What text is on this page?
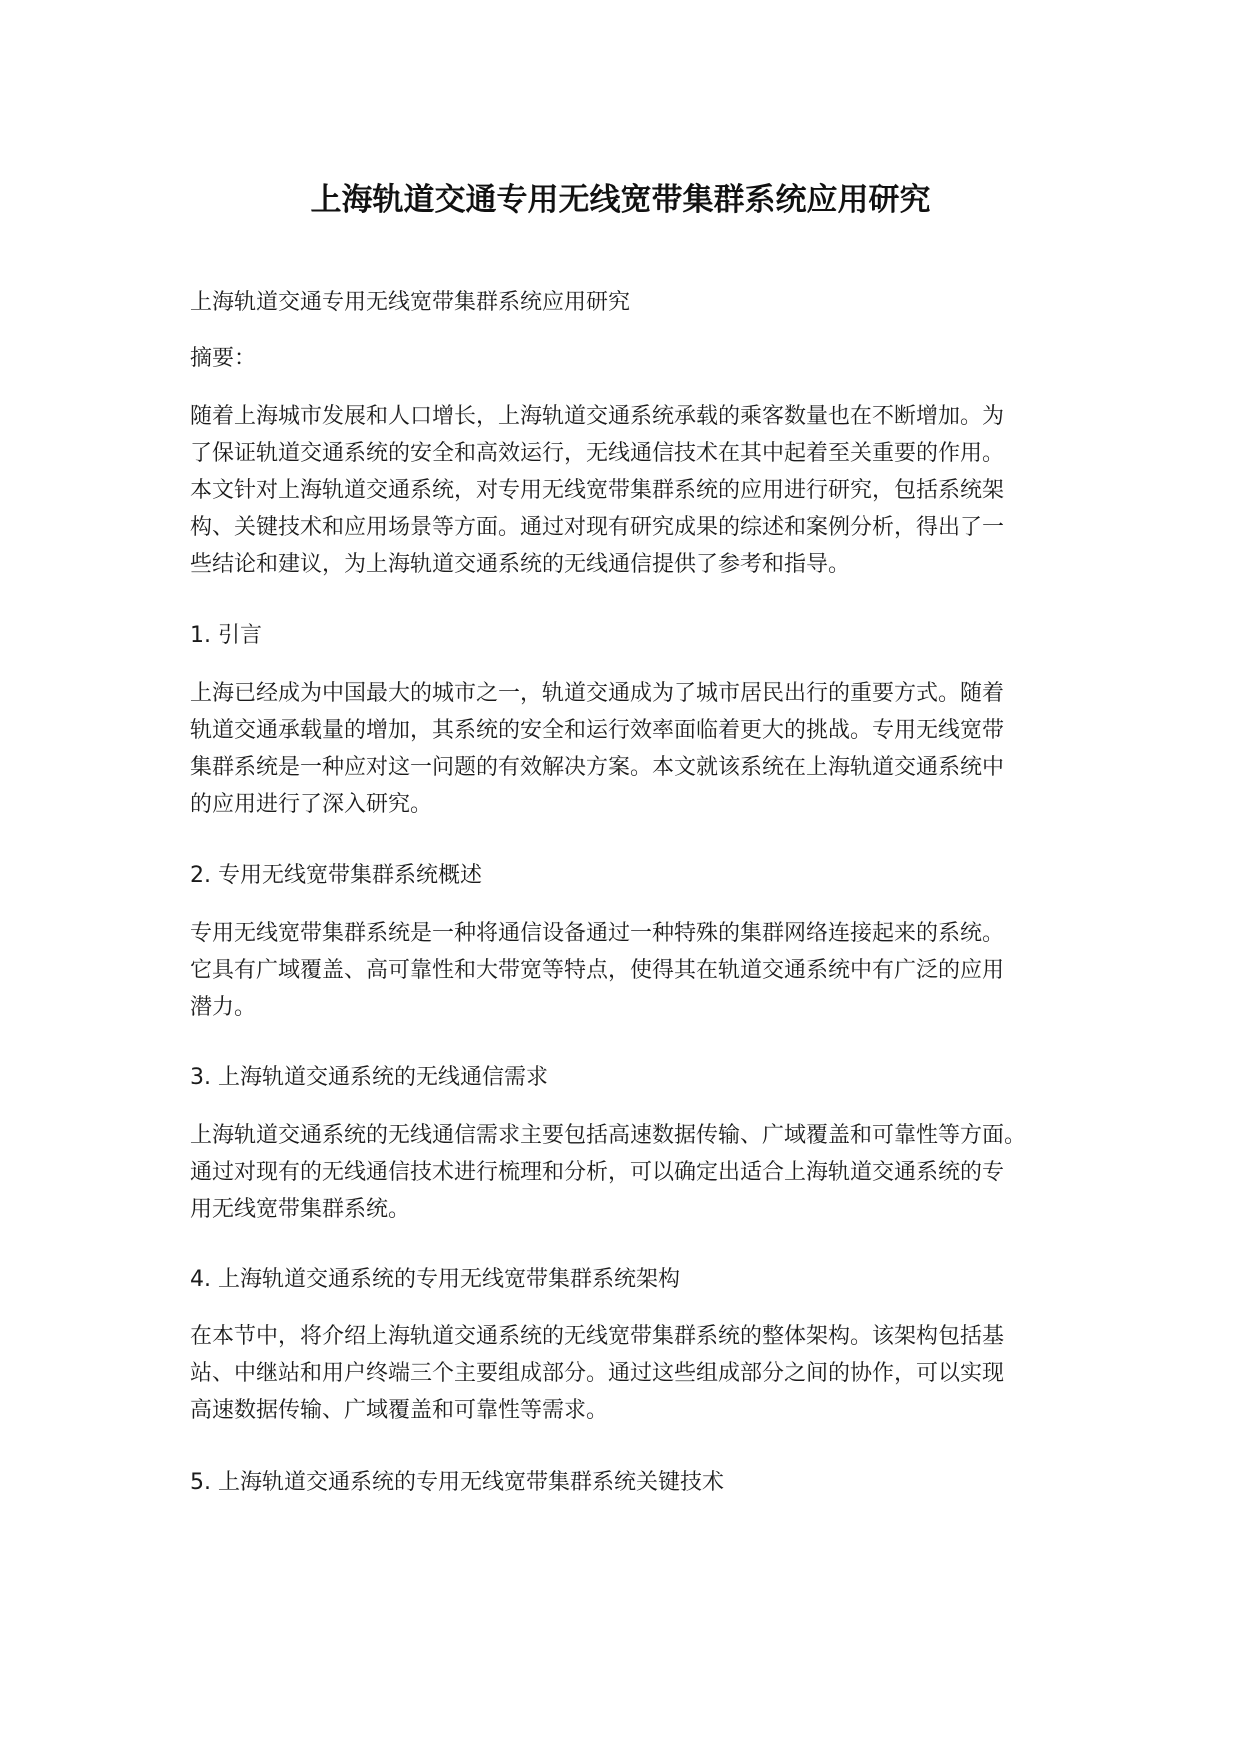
上海轨道交通专用无线宽带集群系统应用研究

上海轨道交通专用无线宽带集群系统应用研究

摘要：

随着上海城市发展和人口增长，上海轨道交通系统承载的乘客数量也在不断增加。为
了保证轨道交通系统的安全和高效运行，无线通信技术在其中起着至关重要的作用。
本文针对上海轨道交通系统，对专用无线宽带集群系统的应用进行研究，包括系统架
构、关键技术和应用场景等方面。通过对现有研究成果的综述和案例分析，得出了一
些结论和建议，为上海轨道交通系统的无线通信提供了参考和指导。

1. 引言

上海已经成为中国最大的城市之一，轨道交通成为了城市居民出行的重要方式。随着
轨道交通承载量的增加，其系统的安全和运行效率面临着更大的挑战。专用无线宽带
集群系统是一种应对这一问题的有效解决方案。本文就该系统在上海轨道交通系统中
的应用进行了深入研究。

2. 专用无线宽带集群系统概述

专用无线宽带集群系统是一种将通信设备通过一种特殊的集群网络连接起来的系统。
它具有广域覆盖、高可靠性和大带宽等特点，使得其在轨道交通系统中有广泛的应用
潜力。

3. 上海轨道交通系统的无线通信需求

上海轨道交通系统的无线通信需求主要包括高速数据传输、广域覆盖和可靠性等方面。
通过对现有的无线通信技术进行梳理和分析，可以确定出适合上海轨道交通系统的专
用无线宽带集群系统。

4. 上海轨道交通系统的专用无线宽带集群系统架构

在本节中，将介绍上海轨道交通系统的无线宽带集群系统的整体架构。该架构包括基
站、中继站和用户终端三个主要组成部分。通过这些组成部分之间的协作，可以实现
高速数据传输、广域覆盖和可靠性等需求。

5. 上海轨道交通系统的专用无线宽带集群系统关键技术
